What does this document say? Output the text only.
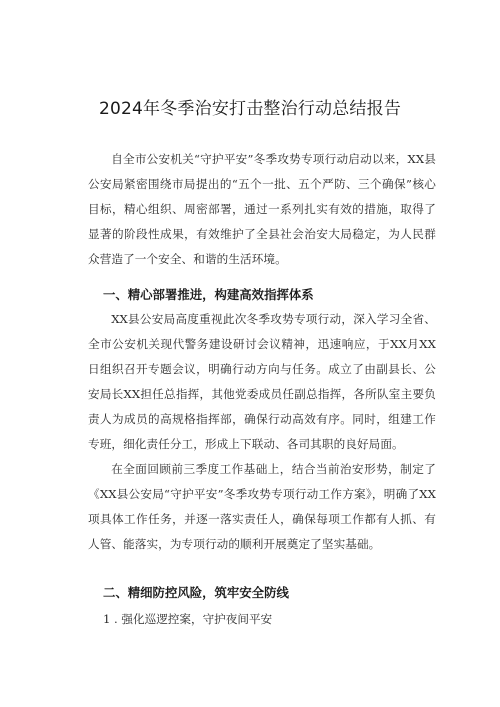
2024年冬季治安打击整治行动总结报告

自全市公安机关“守护平安”冬季攻势专项行动启动以来，XX县公安局紧密围绕市局提出的“五个一批、五个严防、三个确保”核心目标，精心组织、周密部署，通过一系列扎实有效的措施，取得了显著的阶段性成果，有效维护了全县社会治安大局稳定，为人民群众营造了一个安全、和谐的生活环境。

一、精心部署推进，构建高效指挥体系

XX县公安局高度重视此次冬季攻势专项行动，深入学习全省、全市公安机关现代警务建设研讨会议精神，迅速响应，于XX月XX日组织召开专题会议，明确行动方向与任务。成立了由副县长、公安局长XX担任总指挥，其他党委成员任副总指挥，各所队室主要负责人为成员的高规格指挥部，确保行动高效有序。同时，组建工作专班，细化责任分工，形成上下联动、各司其职的良好局面。

在全面回顾前三季度工作基础上，结合当前治安形势，制定了《XX县公安局“守护平安”冬季攻势专项行动工作方案》，明确了XX项具体工作任务，并逐一落实责任人，确保每项工作都有人抓、有人管、能落实，为专项行动的顺利开展奠定了坚实基础。

二、精细防控风险，筑牢安全防线
1 . 强化巡逻控案，守护夜间平安
